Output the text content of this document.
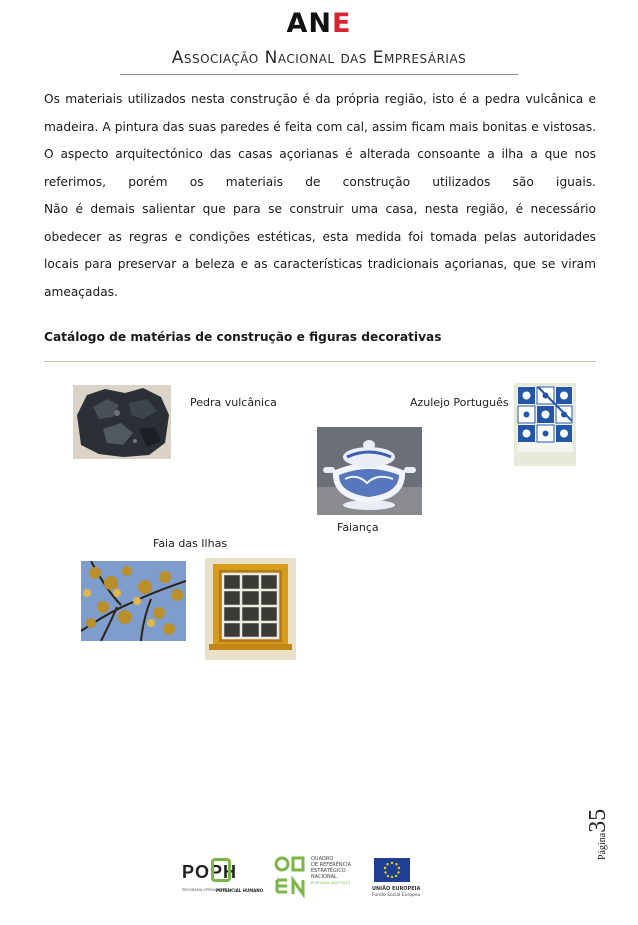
ANE
Associação Nacional das Empresárias
Os materiais utilizados nesta construção é da própria região, isto é a pedra vulcânica e madeira. A pintura das suas paredes é feita com cal, assim ficam mais bonitas e vistosas.
O aspecto arquitectónico das casas açorianas é alterada consoante a ilha a que nos referimos, porém os materiais de construção utilizados são iguais.
Não é demais salientar que para se construir uma casa, nesta região, é necessário obedecer as regras e condições estéticas, esta medida foi tomada pelas autoridades locais para preservar a beleza e as características tradicionais açorianas, que se viram ameaçadas.
Catálogo de matérias de construção e figuras decorativas
Pedra vulcânica	Azulejo Português
Faiança
Faia das Ilhas
Página35
POPH
PROGRAMA OPERACIONAL
POTENCIAL HUMANO
QUADRO
DE REFERÊNCIA
ESTRATÉGICO
NACIONAL
PORTUGAL 2007-2013
UNIÃO EUROPEIA
Fundo Social Europeu
